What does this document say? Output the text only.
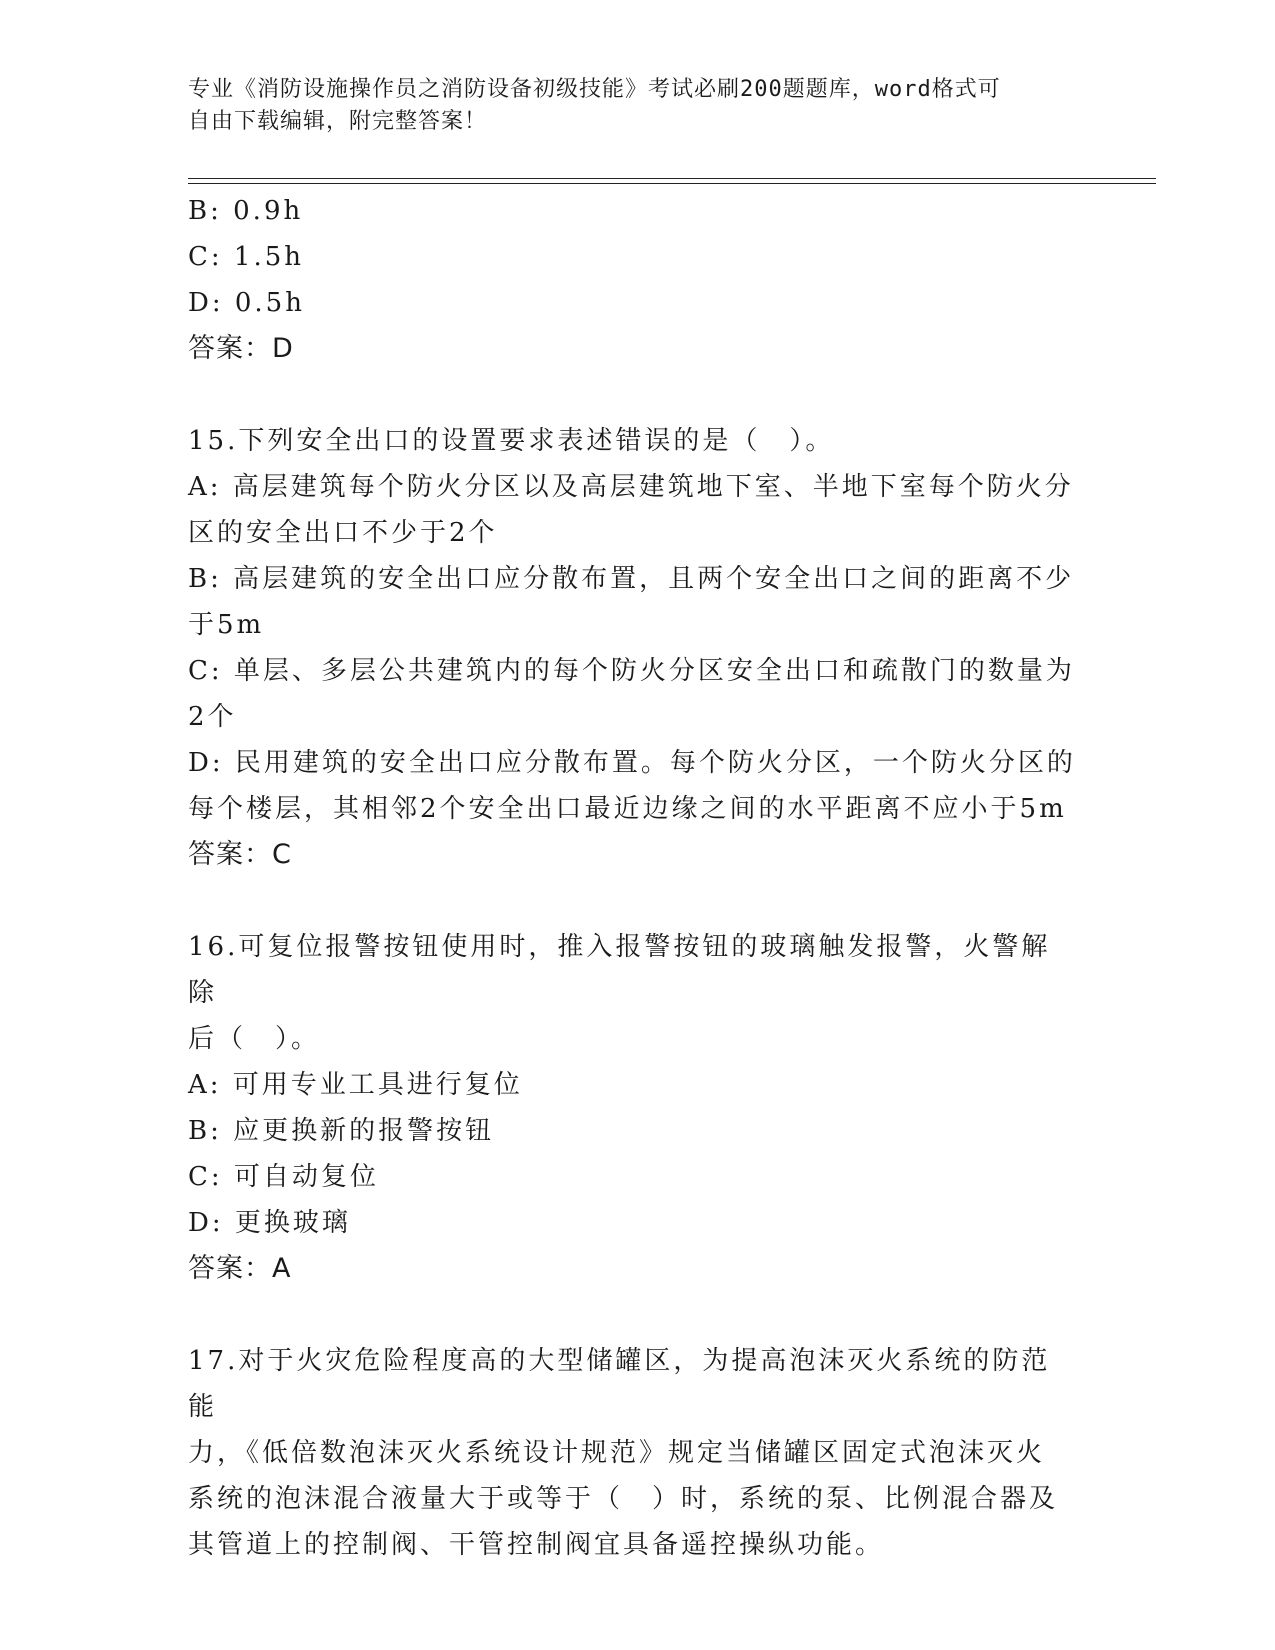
专业《消防设施操作员之消防设备初级技能》考试必刷200题题库，word格式可
自由下载编辑，附完整答案！
B: 0.9h
C: 1.5h
D: 0.5h
答案：D
15.下列安全出口的设置要求表述错误的是（　）。
A: 高层建筑每个防火分区以及高层建筑地下室、半地下室每个防火分
区的安全出口不少于2个
B: 高层建筑的安全出口应分散布置，且两个安全出口之间的距离不少
于5m
C: 单层、多层公共建筑内的每个防火分区安全出口和疏散门的数量为
2个
D: 民用建筑的安全出口应分散布置。每个防火分区，一个防火分区的
每个楼层，其相邻2个安全出口最近边缘之间的水平距离不应小于5m
答案：C
16.可复位报警按钮使用时，推入报警按钮的玻璃触发报警，火警解除
后（　）。
A: 可用专业工具进行复位
B: 应更换新的报警按钮
C: 可自动复位
D: 更换玻璃
答案：A
17.对于火灾危险程度高的大型储罐区，为提高泡沫灭火系统的防范能
力，《低倍数泡沫灭火系统设计规范》规定当储罐区固定式泡沫灭火
系统的泡沫混合液量大于或等于（　）时，系统的泵、比例混合器及
其管道上的控制阀、干管控制阀宜具备遥控操纵功能。
